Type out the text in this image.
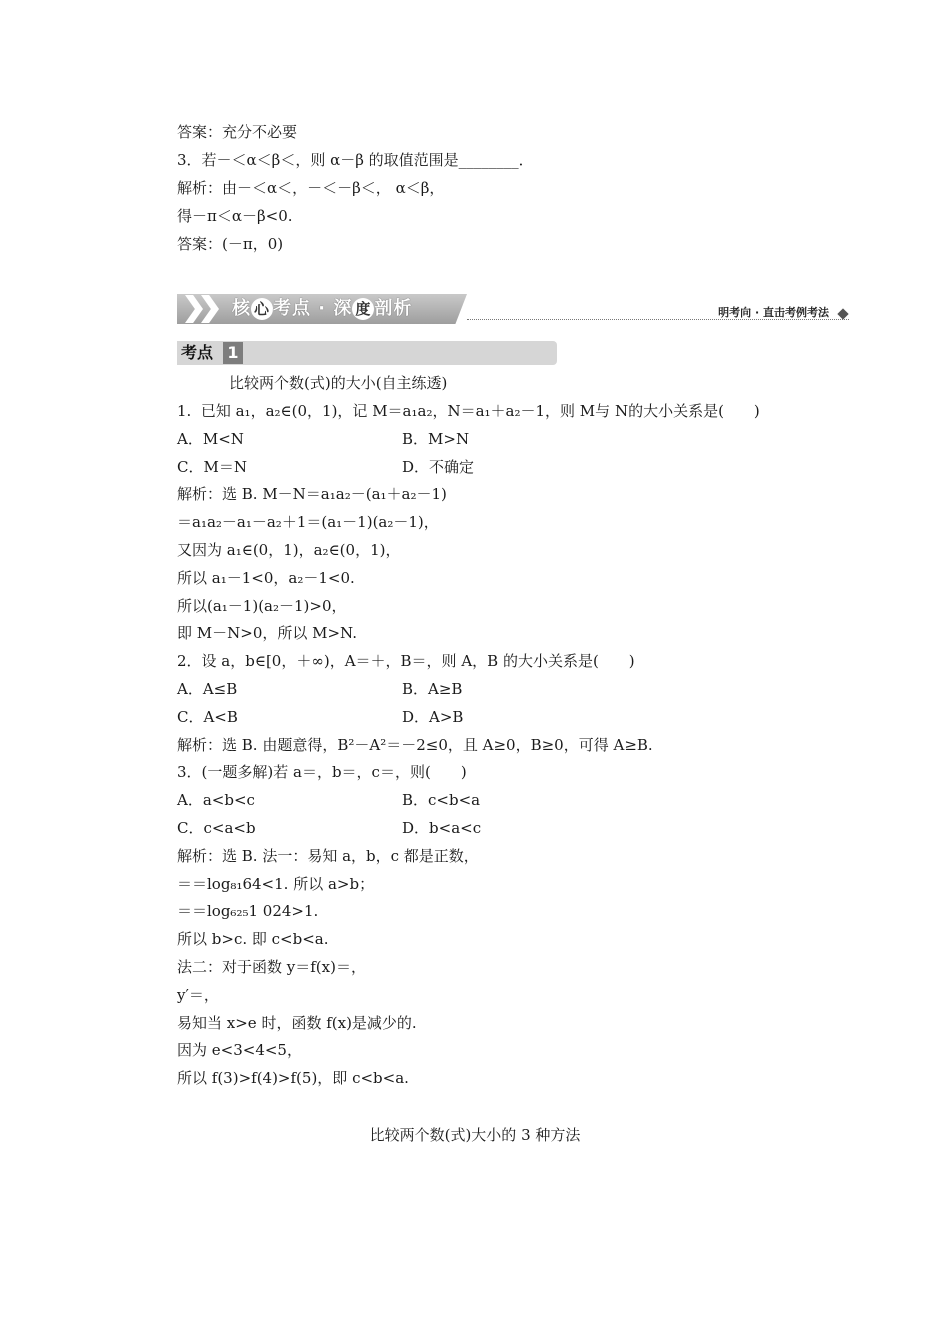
答案：充分不必要
3．若－＜α＜β＜，则 α－β 的取值范围是________．
解析：由－＜α＜，－＜－β＜， α＜β，
得－π＜α－β<0.
答案：(－π，0)
核 心 考点 · 深 度 剖析	明考向 · 直击考例考法
考点 1
比较两个数(式)的大小(自主练透)
1.  已知 a₁，a₂∈(0，1)，记 M＝a₁a₂，N＝a₁＋a₂－1，则 M与 N的大小关系是(　　)
A．M<N	B．M>N
C．M＝N	D．不确定
解析：选 B. M－N＝a₁a₂－(a₁＋a₂－1)
＝a₁a₂－a₁－a₂＋1＝(a₁－1)(a₂－1)，
又因为 a₁∈(0，1)，a₂∈(0，1)，
所以 a₁－1<0，a₂－1<0.
所以(a₁－1)(a₂－1)>0，
即 M－N>0，所以 M>N.
2．设 a，b∈[0，＋∞)，A＝＋，B＝，则 A，B 的大小关系是(　　)
A．A≤B	B．A≥B
C．A<B	D．A>B
解析：选 B. 由题意得，B²－A²＝－2≤0，且 A≥0，B≥0，可得 A≥B.
3．(一题多解)若 a＝，b＝，c＝，则(　　)
A．a<b<c	B．c<b<a
C．c<a<b	D．b<a<c
解析：选 B. 法一：易知 a，b，c 都是正数，
＝＝log₈₁64<1. 所以 a>b；
＝＝log₆₂₅1 024>1.
所以 b>c. 即 c<b<a.
法二：对于函数 y＝f(x)＝，
y′＝，
易知当 x>e 时，函数 f(x)是减少的.
因为 e<3<4<5，
所以 f(3)>f(4)>f(5)，即 c<b<a.
比较两个数(式)大小的 3 种方法
